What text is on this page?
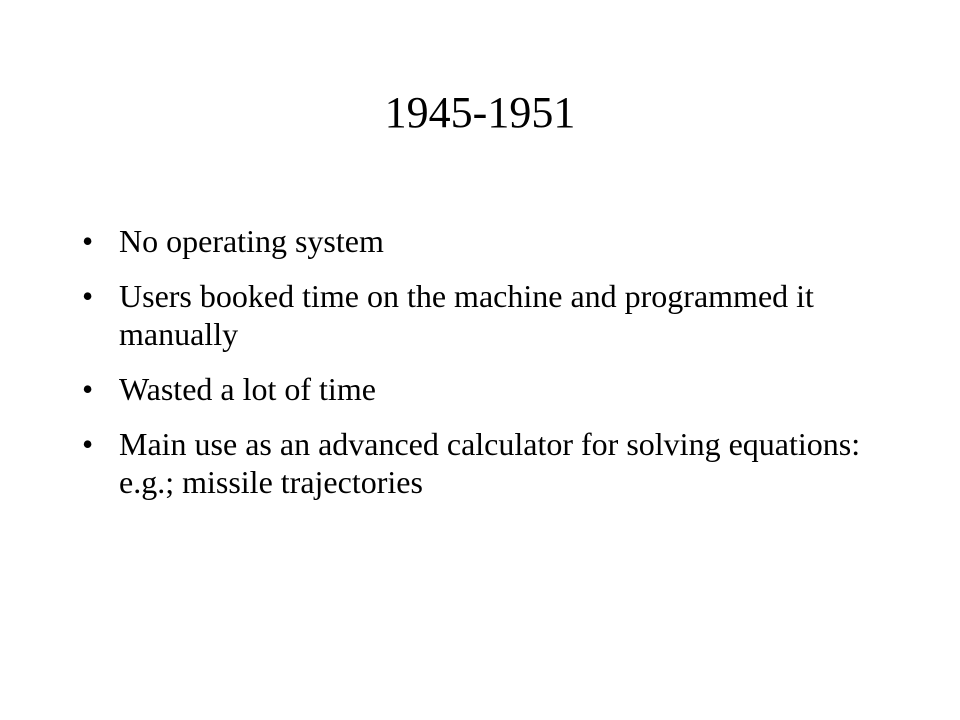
1945-1951
• No operating system
• Users booked time on the machine and programmed it manually
• Wasted a lot of time
• Main use as an advanced calculator for solving equations: e.g.; missile trajectories
